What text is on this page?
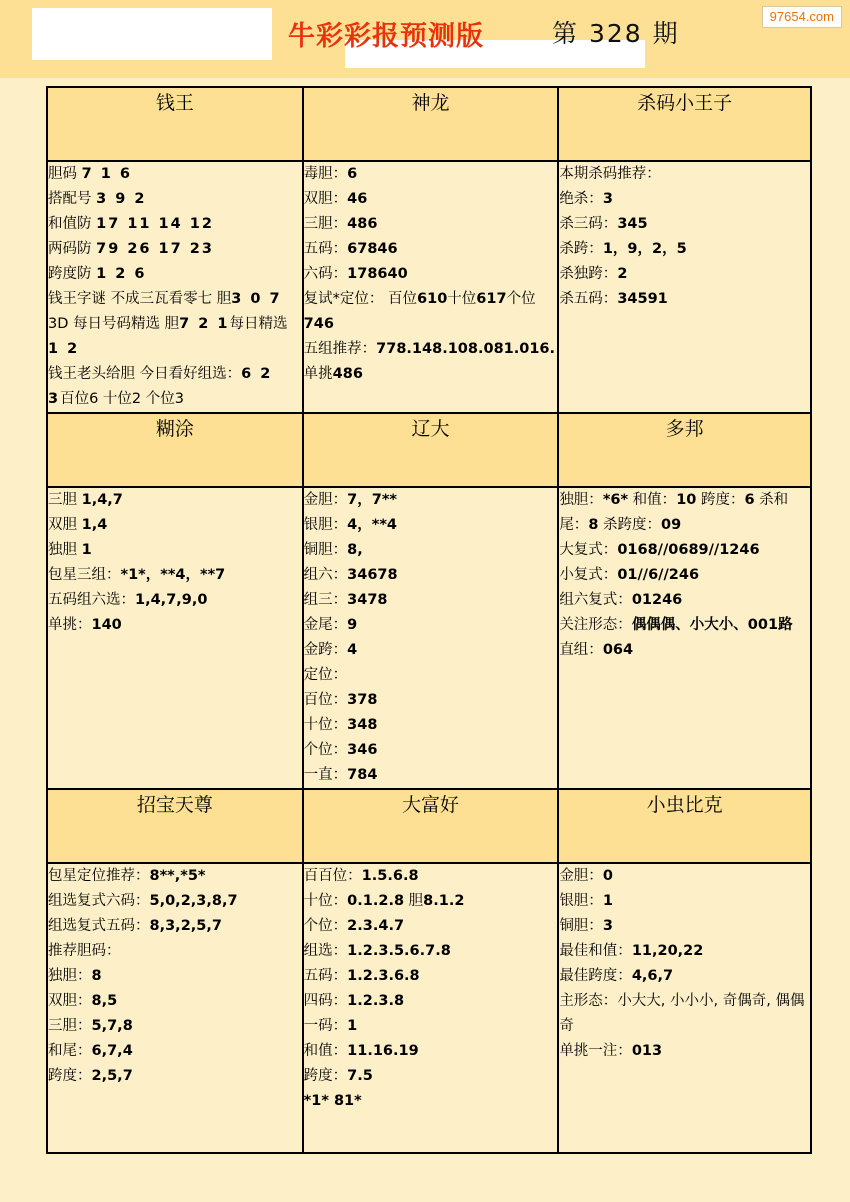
97654.com
牛彩彩报预测版	第 328 期
钱王	神龙	杀码小王子

胆码 7 1 6
搭配号 3 9 2
和值防 17 11 14 12
两码防 79 26 17 23
跨度防 1 2 6
钱王字谜 不成三瓦看零七 胆3 0 7
3D 每日号码精选 胆7 2 1每日精选
1 2
钱王老头给胆 今日看好组选：6 2
3百位6 十位2 个位3

毒胆：6
双胆：46
三胆：486
五码：67846
六码：178640
复试*定位： 百位610十位617个位
746
五组推荐：778.148.108.081.016.
单挑486

本期杀码推荐：
绝杀：3
杀三码：345
杀跨：1，9，2，5
杀独跨：2
杀五码：34591

糊涂	辽大	多邦

三胆 1,4,7
双胆 1,4
独胆 1
包星三组：*1*，**4，**7
五码组六选：1,4,7,9,0
单挑：140

金胆：7，7**
银胆：4，**4
铜胆：8,
组六：34678
组三：3478
金尾：9
金跨：4
定位：
百位：378
十位：348
个位：346
一直：784

独胆：*6* 和值：10 跨度：6 杀和
尾：8 杀跨度：09
大复式：0168//0689//1246
小复式：01//6//246
组六复式：01246
关注形态：偶偶偶、小大小、001路
直组：064

招宝天尊	大富好	小虫比克

包星定位推荐：8**,*5*
组选复式六码：5,0,2,3,8,7
组选复式五码：8,3,2,5,7
推荐胆码：
独胆：8
双胆：8,5
三胆：5,7,8
和尾：6,7,4
跨度：2,5,7

百百位：1.5.6.8
十位：0.1.2.8 胆8.1.2
个位：2.3.4.7
组选：1.2.3.5.6.7.8
五码：1.2.3.6.8
四码：1.2.3.8
一码：1
和值：11.16.19
跨度：7.5
*1* 81*

金胆：0
银胆：1
铜胆：3
最佳和值：11,20,22
最佳跨度：4,6,7
主形态：小大大, 小小小, 奇偶奇, 偶偶
奇
单挑一注：013
